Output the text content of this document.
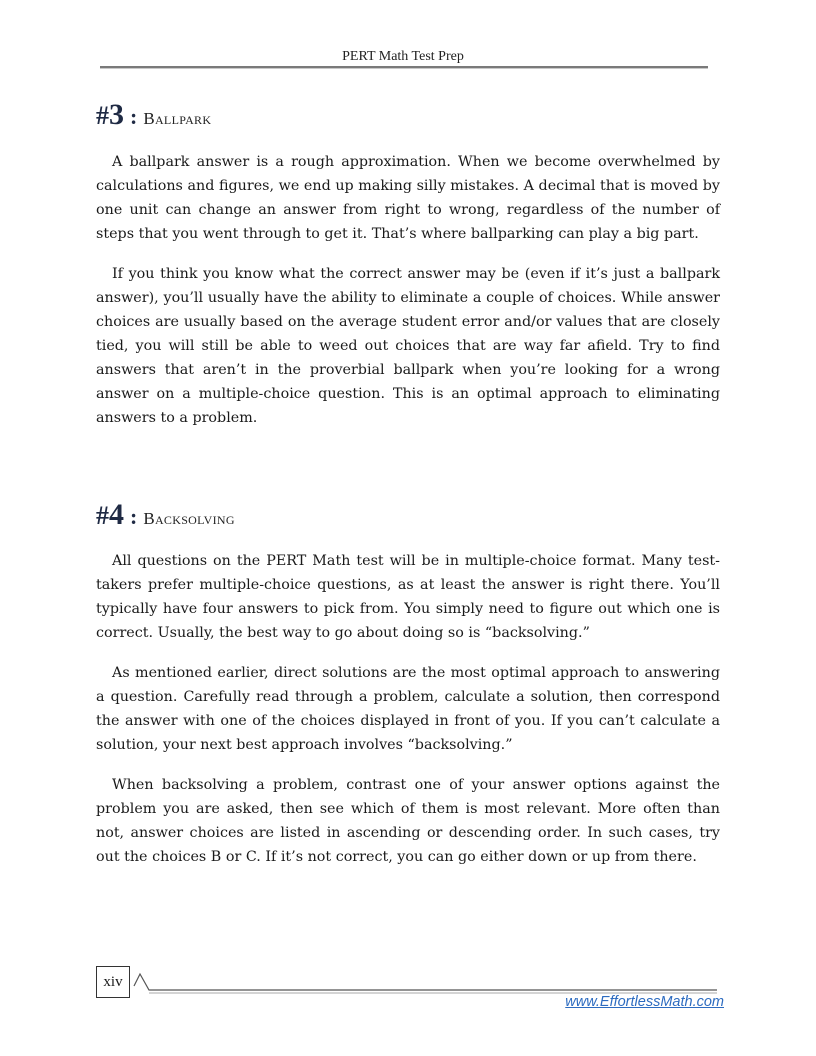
PERT Math Test Prep
# 3 : Ballpark

A ballpark answer is a rough approximation. When we become overwhelmed by calculations and figures, we end up making silly mistakes. A decimal that is moved by one unit can change an answer from right to wrong, regardless of the number of steps that you went through to get it. That’s where ballparking can play a big part.

If you think you know what the correct answer may be (even if it’s just a ballpark answer), you’ll usually have the ability to eliminate a couple of choices. While answer choices are usually based on the average student error and/or values that are closely tied, you will still be able to weed out choices that are way far afield. Try to find answers that aren’t in the proverbial ballpark when you’re looking for a wrong answer on a multiple-choice question. This is an optimal approach to eliminating answers to a problem.

# 4 : Backsolving

All questions on the PERT Math test will be in multiple-choice format. Many test-takers prefer multiple-choice questions, as at least the answer is right there. You’ll typically have four answers to pick from. You simply need to figure out which one is correct. Usually, the best way to go about doing so is “backsolving.”

As mentioned earlier, direct solutions are the most optimal approach to answering a question. Carefully read through a problem, calculate a solution, then correspond the answer with one of the choices displayed in front of you. If you can’t calculate a solution, your next best approach involves “backsolving.”

When backsolving a problem, contrast one of your answer options against the problem you are asked, then see which of them is most relevant. More often than not, answer choices are listed in ascending or descending order. In such cases, try out the choices B or C. If it’s not correct, you can go either down or up from there.

xiv
www.EffortlessMath.com
